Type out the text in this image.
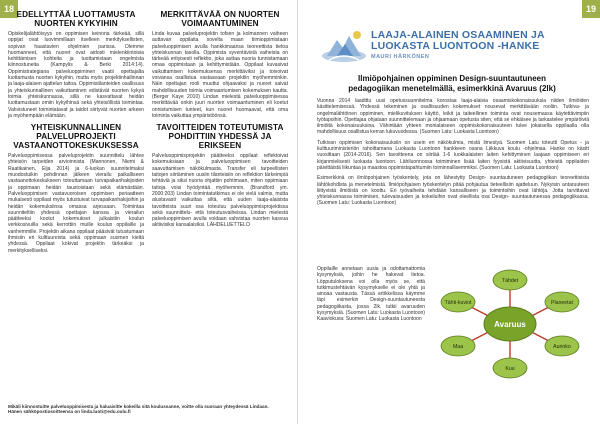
18
EDELLYTTÄÄ LUOTTAMUSTA NUORTEN KYKYIHIN

Opiskelijalähtöisyys on oppimisen keinona tärkeää, sillä oppijat ovat luovimmillaan itselleen merkityksellisten, sopivan haastavien ohjelmien parissa. Olemme huomanneet, että nuoret ovat aidosti mielenkiintoisia kehittämisen kohteita ja tuottamistaan ongelmista kiinnostuneita (Kampylis & Berki 2014:14). Oppimistrategiana palveluoppiminen vaatii opettajalta luottamusta nuorten kykyihin, mutta myös projektinhallinnan ja laaja-alaisen ajattelun taitoa. Oppimistilanteiden osallisuus ja yhteiskunnallinen vaikuttaminen edistävät nuorten kykyä toimia yhteiskunnassa, sillä ne kasvattavat heidän luottamustaan omiin kykyihinsä sekä yhteisöllistä toimintaa. Vahvistuneet toimintatavat ja taidot siirtyvät nuorten arkeen ja myöhempään elämään.

YHTEISKUNNALLINEN PALVELUPROJEKTI VASTAANOTTOKESKUKSESSA

Palveluoppimisessa palveluprojektin suunnittelu lähtee yhteisön tarpeiden arvioinnista (Mannonen, Niemi & Raatikainen, Eija 2014) ja 6-luokan suunnitelmaksi muodostuikin pohdinnan jälkeen vierailu paikalliseen vastaanottokeskukseen toteuttamaan turvapaikanhakijoiden ja oppimaan heidän taustoistaan sekä elämästään. Palveluoppimisen vastavuoroisen oppimisen periaatteen mukaisesti oppilaat myös tutustuivat turvapaikanhakijoihin ja heidän kokemuksiinsa omassa arjessaan. Toimintaa suunniteltiin yhdessä opettajan kanssa ja vierailun päätteeksi kootut kokemukset julkaistiin koulun verkkosivuilla sekä kerrottiin muille koulun oppilaille ja vanhemmille. Projektin aikana oppilaat pääsivät tutustumaan ihmisiin eri kulttuureista sekä oppimaan suomen kieltä yhdessä. Oppilaat kokivat projektin tärkeäksi ja merkitykselliseksi.

MERKITTÄVÄÄ ON NUORTEN VOIMAANTUMINEN

Linda kuvaa palveluprojektin tofsen ja kolmannen vaiheen auttavan oppilaita sovelta maan tiimioppimistaan palveluoppimisen avulla hankkimaansa teoreettista tietoa yhteiskunnan tasolla. Oppimista syventävistä vaiheista on tärkeää erityisesti reflektio, joka auttaa nuoria tunnistamaan omaa oppimistaan ja kehittymistään. Oppilaat kuvasivat vaikuttamisen kokemuksensa merkittäviksi ja toivoivat voivansa osallistua vastaavaan projektiin myöhemminkin. Näin opettajan rooli muuttui ohjaavaksi ja nuoret saivat mahdollisuuden toimia voimaantumisen kokemuksen kautta. (Berger Kaye 2010) Lindan mielestä palveluoppimisessa merkittävää onkin juuri nuorten voimaantuminen eli koetut onnistumisen tunteet, kun nuoret huomaavat, että oma toiminta vaikuttaa ympäristöönsä.

TAVOITTEIDEN TOTEUTUMISTA POHDITTIIN YHDESSÄ JA ERIKSEEN

Palveluoppimisprojektin päätteeksi oppilaat reflektoivat kokemuksiaan ja palveluoppimisen tavoitteiden saavuttamisen näkökulmasta. Transfer eli tarpeellisten taitojen siirtäminen uusiin tilanteisiin on reflektion tärkeimpiä tehtäviä ja siksi nuoria ohjattiin pohtimaan, miten oppimiaan taitoja voisi hyödyntää myöhemmin. (Brandford ym. 2000:203) Lindan toimintatutkimus ei ole vielä valmis, mutta alustavasti vaikuttaa siltä, että uuden laaja-alaisista tavoitteista suuri osa toteutuu palveluoppimisprojektissa sekä suunnittelu- että toteutusvaiheissa. Lindan mielestä palveluoppimisen avulla voidaan vahvistaa nuorten kasvua aktiivisiksi kansalaisiksi. LÄHDELUETTELO

Mikäli kiinnostuitte palveluoppimisesta ja haluaisitte kokeilla sitä koulussanne, voitte olla suoraan yhteydessä Lindaan. Hänen sähköpostiosoitteensa on linda.luoti@edu.oulu.fi
19
LAAJA-ALAINEN OSAAMINEN JA
LUOKASTA LUONTOON -HANKE
MAURI HÄRKÖNEN
Ilmiöpohjainen oppiminen Design-suuntautuneen
pedagogiikan menetelmällä, esimerkkinä Avaruus (2lk)

Vuonna 2014 laadittu uusi opetussuunnitelma korostaa laaja-alaisia osaamiskokonaisuuksia niiden ilmiöiden käsittelemisessä. Yhdessä tekeminen ja osallisuuden kokemukset nousevat merkittävään rooliin. Tutkiva- ja ongelmalähtöinen oppiminen, mielikuvituksen käyttö, leikit ja taiteellinen toiminta ovat nousemassa käytettävimpiin työtapoihin. Opettajaa ohjataan suunnittelemaan ja ohjaamaan opetusta siten, että se ehkäisee ja tarkastelee ympäröiviä ilmiöitä kokonaisuuksina. Vähintään yhteen monialaiseen oppimiskokonaisuuteen tulee jokaisella oppilaalla olla mahdollisuus osallistua kerran lukuvuodessa. (Suomen Latu: Luokasta Luontoon)

Tutkivan oppimisen kokonaisuuksiin on usein eri näkökulmia, mistä ilmestyä. Suomen Latu toteutti Opetus - ja kulttuuriministeriön rahoittamana Luokasta Luontoon hankkeen osana Liikkuva koulu -ohjelmaa. Hanke on käsitt vuosittaan (2014-2016). Sen tavoitteena on siirtää 1-6 luokkalaisten laiten kehittyminen laajaan oppimiseen eri kirjanmielisesti luokasta luontoon. Lähiluonnossa toimiminen lisää laiten fyysistä aktiivisuutta, yhteistä oppilaiden päivittäistä liikuntaa ja maastoa oppimistapahtumiin toiminnallisemmiksi. (Suomen Latu: Luokasta Luontoon)

Esimerkkinä on ilmiöpohjainen työskentely, jota on lähestytty Design- suuntautuneen pedagogiikan teoreettisista lähtökohdista ja menetelmistä. Ilmiöpohjaisen työskentelyn pitää pohjautua tieteellisiin ajatteluun. Nykyisin antaruuteen liittyvistä ilmiöistä on koottu. Eri työvaiheita tehdään kansalliseen ja toimintoihin ovat lähtöja. Jotta tarvittavat yhteiskunnassa toimimisen, tulevaisuuden ja kokeiluihin ovat oleellista osa Design- suuntautuneessa pedagogiikassa. (Suomen Latu: Luokasta Luontoon)

Oppilaille annetaan uusia ja odottamattomia kysymyksiä, joihin he hakevat tietoa. Löpputuloksena voi olla myös se, että tutkimustehtävän kysymykselle ei ole yhtä ja ainoaa vastausta. Tässä artikkelissa käymme läpi esimerkin Design-suuntautuneesta pedagogiikasta, jossa 2lk. tutkii avaruuden kysymyksiä. (Suomen Latu: Luokasta Luontoon) Kaaviokuva: Suomen Latu: Luokasta Luontoon

Tähdet
Planeetat
Aurinko
Kuu
Maa
Tähti-kuviot
Avaruus
